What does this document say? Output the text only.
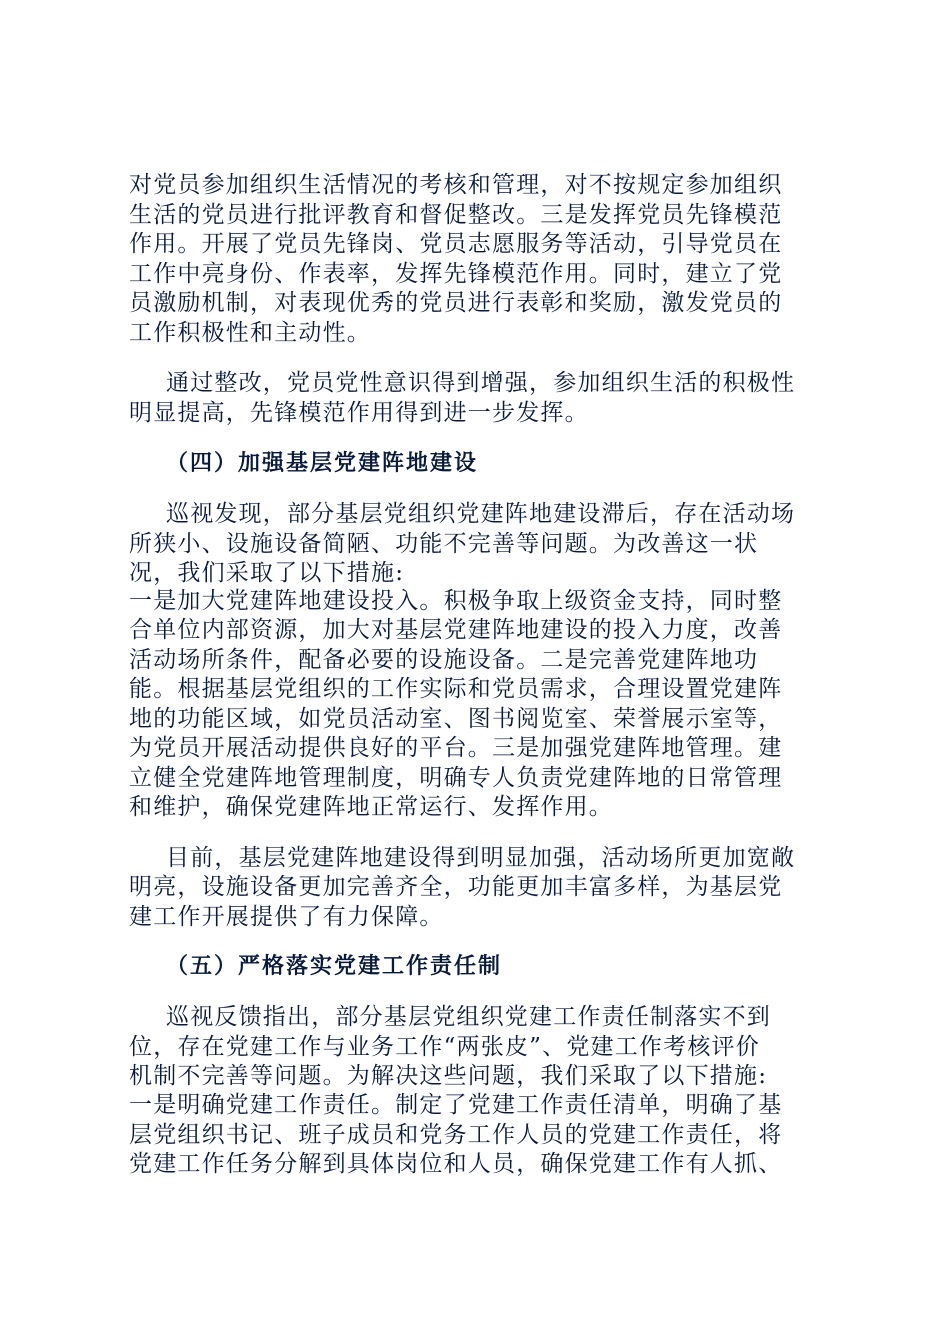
对党员参加组织生活情况的考核和管理，对不按规定参加组织
生活的党员进行批评教育和督促整改。三是发挥党员先锋模范
作用。开展了党员先锋岗、党员志愿服务等活动，引导党员在
工作中亮身份、作表率，发挥先锋模范作用。同时，建立了党
员激励机制，对表现优秀的党员进行表彰和奖励，激发党员的
工作积极性和主动性。
通过整改，党员党性意识得到增强，参加组织生活的积极性
明显提高，先锋模范作用得到进一步发挥。
（四）加强基层党建阵地建设
巡视发现，部分基层党组织党建阵地建设滞后，存在活动场
所狭小、设施设备简陋、功能不完善等问题。为改善这一状
况，我们采取了以下措施:
一是加大党建阵地建设投入。积极争取上级资金支持，同时整
合单位内部资源，加大对基层党建阵地建设的投入力度，改善
活动场所条件，配备必要的设施设备。二是完善党建阵地功
能。根据基层党组织的工作实际和党员需求，合理设置党建阵
地的功能区域，如党员活动室、图书阅览室、荣誉展示室等，
为党员开展活动提供良好的平台。三是加强党建阵地管理。建
立健全党建阵地管理制度，明确专人负责党建阵地的日常管理
和维护，确保党建阵地正常运行、发挥作用。
目前，基层党建阵地建设得到明显加强，活动场所更加宽敞
明亮，设施设备更加完善齐全，功能更加丰富多样，为基层党
建工作开展提供了有力保障。
（五）严格落实党建工作责任制
巡视反馈指出，部分基层党组织党建工作责任制落实不到
位，存在党建工作与业务工作“两张皮”、党建工作考核评价
机制不完善等问题。为解决这些问题，我们采取了以下措施:
一是明确党建工作责任。制定了党建工作责任清单，明确了基
层党组织书记、班子成员和党务工作人员的党建工作责任，将
党建工作任务分解到具体岗位和人员，确保党建工作有人抓、
